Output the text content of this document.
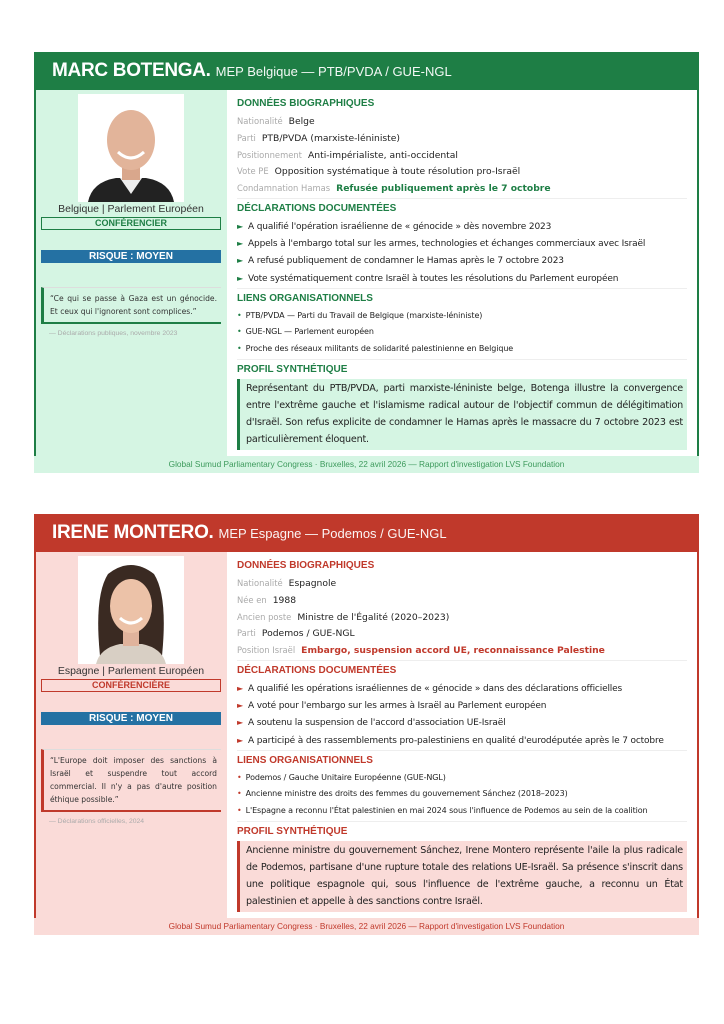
MARC BOTENGA. MEP Belgique — PTB/PVDA / GUE-NGL
Belgique | Parlement Européen
CONFÉRENCIER
RISQUE : MOYEN
“Ce qui se passe à Gaza est un génocide. Et ceux qui l'ignorent sont complices.”
— Déclarations publiques, novembre 2023
DONNÉES BIOGRAPHIQUES
Nationalité Belge
Parti PTB/PVDA (marxiste-léniniste)
Positionnement Anti-impérialiste, anti-occidental
Vote PE Opposition systématique à toute résolution pro-Israël
Condamnation Hamas Refusée publiquement après le 7 octobre
DÉCLARATIONS DOCUMENTÉES
► A qualifié l'opération israélienne de « génocide » dès novembre 2023
► Appels à l'embargo total sur les armes, technologies et échanges commerciaux avec Israël
► A refusé publiquement de condamner le Hamas après le 7 octobre 2023
► Vote systématiquement contre Israël à toutes les résolutions du Parlement européen
LIENS ORGANISATIONNELS
• PTB/PVDA — Parti du Travail de Belgique (marxiste-léniniste)
• GUE-NGL — Parlement européen
• Proche des réseaux militants de solidarité palestinienne en Belgique
PROFIL SYNTHÉTIQUE
Représentant du PTB/PVDA, parti marxiste-léniniste belge, Botenga illustre la convergence entre l'extrême gauche et l'islamisme radical autour de l'objectif commun de délégitimation d'Israël. Son refus explicite de condamner le Hamas après le massacre du 7 octobre 2023 est particulièrement éloquent.
Global Sumud Parliamentary Congress · Bruxelles, 22 avril 2026 — Rapport d'investigation LVS Foundation
IRENE MONTERO. MEP Espagne — Podemos / GUE-NGL
Espagne | Parlement Européen
CONFÉRENCIÈRE
RISQUE : MOYEN
“L'Europe doit imposer des sanctions à Israël et suspendre tout accord commercial. Il n'y a pas d'autre position éthique possible.”
— Déclarations officielles, 2024
DONNÉES BIOGRAPHIQUES
Nationalité Espagnole
Née en 1988
Ancien poste Ministre de l'Égalité (2020–2023)
Parti Podemos / GUE-NGL
Position Israël Embargo, suspension accord UE, reconnaissance Palestine
DÉCLARATIONS DOCUMENTÉES
► A qualifié les opérations israéliennes de « génocide » dans des déclarations officielles
► A voté pour l'embargo sur les armes à Israël au Parlement européen
► A soutenu la suspension de l'accord d'association UE-Israël
► A participé à des rassemblements pro-palestiniens en qualité d'eurodéputée après le 7 octobre
LIENS ORGANISATIONNELS
• Podemos / Gauche Unitaire Européenne (GUE-NGL)
• Ancienne ministre des droits des femmes du gouvernement Sánchez (2018–2023)
• L'Espagne a reconnu l'État palestinien en mai 2024 sous l'influence de Podemos au sein de la coalition
PROFIL SYNTHÉTIQUE
Ancienne ministre du gouvernement Sánchez, Irene Montero représente l'aile la plus radicale de Podemos, partisane d'une rupture totale des relations UE-Israël. Sa présence s'inscrit dans une politique espagnole qui, sous l'influence de l'extrême gauche, a reconnu un État palestinien et appelle à des sanctions contre Israël.
Global Sumud Parliamentary Congress · Bruxelles, 22 avril 2026 — Rapport d'investigation LVS Foundation
